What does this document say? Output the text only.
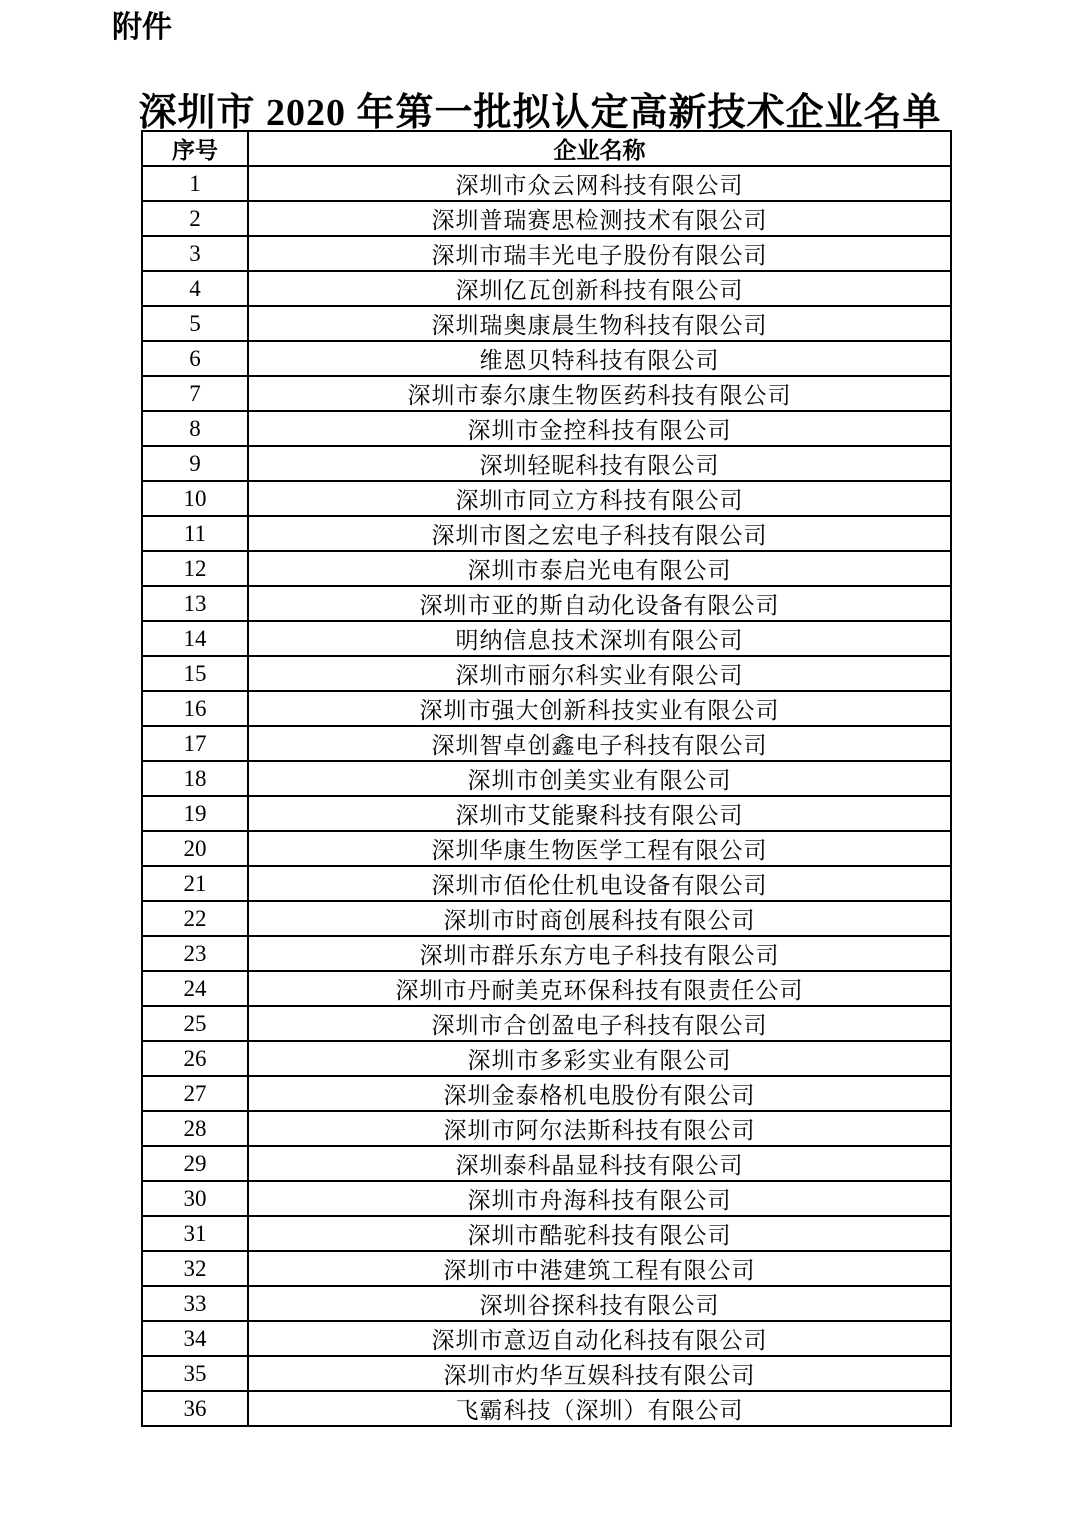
附件
深圳市 2020 年第一批拟认定高新技术企业名单
序号	企业名称
1	深圳市众云网科技有限公司
2	深圳普瑞赛思检测技术有限公司
3	深圳市瑞丰光电子股份有限公司
4	深圳亿瓦创新科技有限公司
5	深圳瑞奥康晨生物科技有限公司
6	维恩贝特科技有限公司
7	深圳市泰尔康生物医药科技有限公司
8	深圳市金控科技有限公司
9	深圳轻昵科技有限公司
10	深圳市同立方科技有限公司
11	深圳市图之宏电子科技有限公司
12	深圳市泰启光电有限公司
13	深圳市亚的斯自动化设备有限公司
14	明纳信息技术深圳有限公司
15	深圳市丽尔科实业有限公司
16	深圳市强大创新科技实业有限公司
17	深圳智卓创鑫电子科技有限公司
18	深圳市创美实业有限公司
19	深圳市艾能聚科技有限公司
20	深圳华康生物医学工程有限公司
21	深圳市佰伦仕机电设备有限公司
22	深圳市时商创展科技有限公司
23	深圳市群乐东方电子科技有限公司
24	深圳市丹耐美克环保科技有限责任公司
25	深圳市合创盈电子科技有限公司
26	深圳市多彩实业有限公司
27	深圳金泰格机电股份有限公司
28	深圳市阿尔法斯科技有限公司
29	深圳泰科晶显科技有限公司
30	深圳市舟海科技有限公司
31	深圳市酷驼科技有限公司
32	深圳市中港建筑工程有限公司
33	深圳谷探科技有限公司
34	深圳市意迈自动化科技有限公司
35	深圳市灼华互娱科技有限公司
36	飞霸科技（深圳）有限公司
